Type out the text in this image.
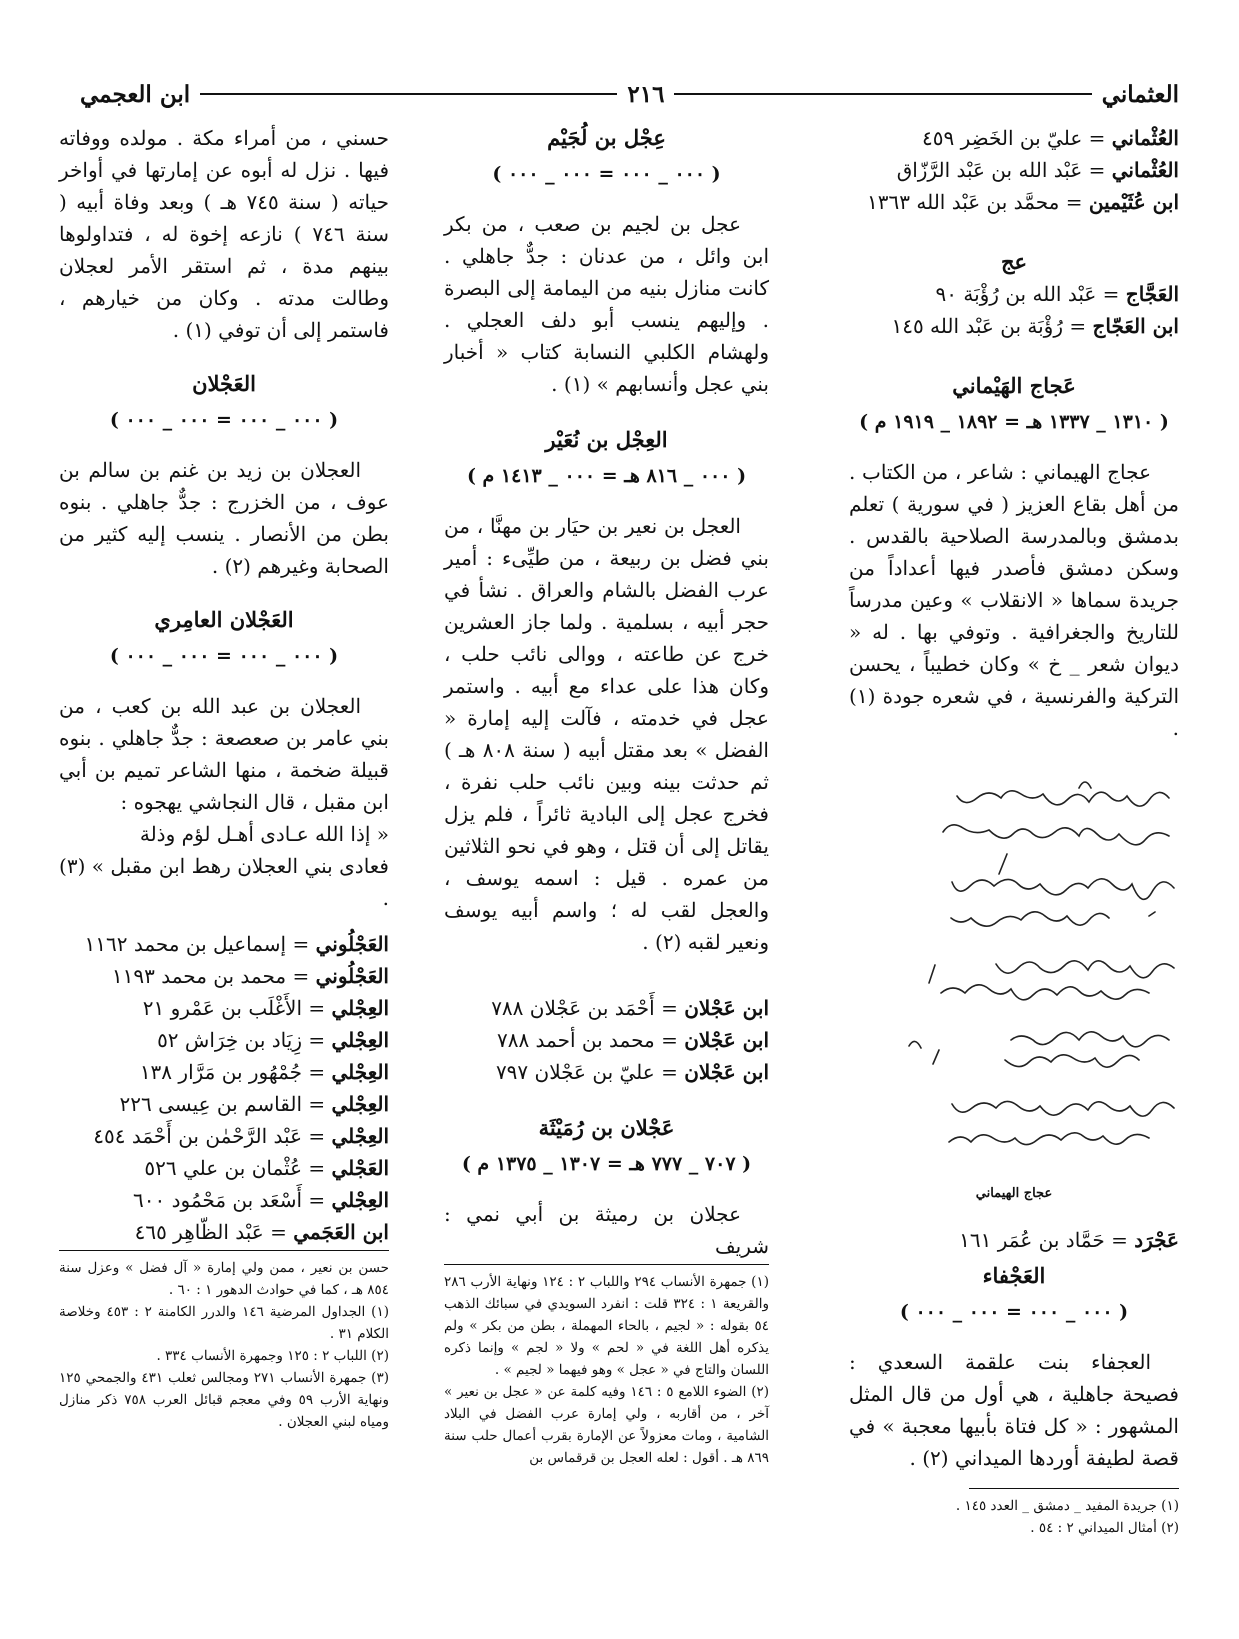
العثماني
٢١٦
ابن العجمي

العُثْماني = عليّ بن الخَضِر ٤٥٩

العُثْماني = عَبْد الله بن عَبْد الرَّزّاق

ابن عُثَيْمين = محمَّد بن عَبْد الله ١٣٦٣

عج

العَجَّاج = عَبْد الله بن رُؤْبَة ٩٠

ابن العَجّاج = رُؤْبَة بن عَبْد الله ١٤٥

عَجاج الهَيْماني
( ١٣١٠ _ ١٣٣٧ هـ = ١٨٩٢ _ ١٩١٩ م )

عجاج الهيماني : شاعر ، من الكتاب . من أهل بقاع العزيز ( في سورية ) تعلم بدمشق وبالمدرسة الصلاحية بالقدس . وسكن دمشق فأصدر فيها أعداداً من جريدة سماها « الانقلاب » وعين مدرساً للتاريخ والجغرافية . وتوفي بها . له « ديوان شعر _ خ » وكان خطيباً ، يحسن التركية والفرنسية ، في شعره جودة (١) .

عجاج الهيماني

عَجْرَد = حَمَّاد بن عُمَر ١٦١

العَجْفاء
( ٠٠٠ _ ٠٠٠ = ٠٠٠ _ ٠٠٠ )

العجفاء بنت علقمة السعدي : فصيحة جاهلية ، هي أول من قال المثل المشهور : « كل فتاة بأبيها معجبة » في قصة لطيفة أوردها الميداني (٢) .

(١) جريدة المفيد _ دمشق _ العدد ١٤٥ .

(٢) أمثال الميداني ٢ : ٥٤ .

عِجْل بن لُجَيْم
( ٠٠٠ _ ٠٠٠ = ٠٠٠ _ ٠٠٠ )

عجل بن لجيم بن صعب ، من بكر ابن وائل ، من عدنان : جدٌّ جاهلي . كانت منازل بنيه من اليمامة إلى البصرة . وإليهم ينسب أبو دلف العجلي . ولهشام الكلبي النسابة كتاب « أخبار بني عجل وأنسابهم » (١) .

العِجْل بن نُعَيْر
( ٠٠٠ _ ٨١٦ هـ = ٠٠٠ _ ١٤١٣ م )

العجل بن نعير بن حيَار بن مهنَّا ، من بني فضل بن ربيعة ، من طيِّىء : أمير عرب الفضل بالشام والعراق . نشأ في حجر أبيه ، بسلمية . ولما جاز العشرين خرج عن طاعته ، ووالى نائب حلب ، وكان هذا على عداء مع أبيه . واستمر عجل في خدمته ، فآلت إليه إمارة « الفضل » بعد مقتل أبيه ( سنة ٨٠٨ هـ ) ثم حدثت بينه وبين نائب حلب نفرة ، فخرج عجل إلى البادية ثائراً ، فلم يزل يقاتل إلى أن قتل ، وهو في نحو الثلاثين من عمره . قيل : اسمه يوسف ، والعجل لقب له ؛ واسم أبيه يوسف ونعير لقبه (٢) .

ابن عَجْلان = أَحْمَد بن عَجْلان ٧٨٨

ابن عَجْلان = محمد بن أحمد ٧٨٨

ابن عَجْلان = عليّ بن عَجْلان ٧٩٧

عَجْلان بن رُمَيْثَة
( ٧٠٧ _ ٧٧٧ هـ = ١٣٠٧ _ ١٣٧٥ م )

عجلان بن رميثة بن أبي نمي : شريف

(١) جمهرة الأنساب ٢٩٤ واللباب ٢ : ١٢٤ ونهاية الأرب ٢٨٦ والقريعة ١ : ٣٢٤ قلت : انفرد السويدي في سبائك الذهب ٥٤ بقوله : « لجيم ، بالحاء المهملة ، بطن من بكر » ولم يذكره أهل اللغة في « لحم » ولا « لجم » وإنما ذكره اللسان والتاج في « عجل » وهو فيهما « لجيم » .

(٢) الضوء اللامع ٥ : ١٤٦ وفيه كلمة عن « عجل بن نعير » آخر ، من أقاربه ، ولي إمارة عرب الفضل في البلاد الشامية ، ومات معزولاً عن الإمارة بقرب أعمال حلب سنة ٨٦٩ هـ . أقول : لعله العجل بن قرقماس بن

حسني ، من أمراء مكة . مولده ووفاته فيها . نزل له أبوه عن إمارتها في أواخر حياته ( سنة ٧٤٥ هـ ) وبعد وفاة أبيه ( سنة ٧٤٦ ) نازعه إخوة له ، فتداولوها بينهم مدة ، ثم استقر الأمر لعجلان وطالت مدته . وكان من خيارهم ، فاستمر إلى أن توفي (١) .

العَجْلان
( ٠٠٠ _ ٠٠٠ = ٠٠٠ _ ٠٠٠ )

العجلان بن زيد بن غنم بن سالم بن عوف ، من الخزرج : جدٌّ جاهلي . بنوه بطن من الأنصار . ينسب إليه كثير من الصحابة وغيرهم (٢) .

العَجْلان العامِري
( ٠٠٠ _ ٠٠٠ = ٠٠٠ _ ٠٠٠ )

العجلان بن عبد الله بن كعب ، من بني عامر بن صعصعة : جدٌّ جاهلي . بنوه قبيلة ضخمة ، منها الشاعر تميم بن أبي ابن مقبل ، قال النجاشي يهجوه :

« إذا الله عـادى أهـل لؤم وذلة

فعادى بني العجلان رهط ابن مقبل » (٣) .

العَجْلُوني = إسماعيل بن محمد ١١٦٢

العَجْلُوني = محمد بن محمد ١١٩٣

العِجْلي = الأَغْلَب بن عَمْرو ٢١

العِجْلي = زِيَاد بن خِرَاش ٥٢

العِجْلي = جُمْهُور بن مَرَّار ١٣٨

العِجْلي = القاسم بن عِيسى ٢٢٦

العِجْلي = عَبْد الرَّحْمٰن بن أَحْمَد ٤٥٤

العَجْلي = عُثْمان بن علي ٥٢٦

العِجْلي = أَسْعَد بن مَحْمُود ٦٠٠

ابن العَجَمي = عَبْد الظّاهِر ٤٦٥

حسن بن نعير ، ممن ولي إمارة « آل فضل » وعزل سنة ٨٥٤ هـ ، كما في حوادث الدهور ١ : ٦٠ .

(١) الجداول المرضية ١٤٦ والدرر الكامنة ٢ : ٤٥٣ وخلاصة الكلام ٣١ .

(٢) اللباب ٢ : ١٢٥ وجمهرة الأنساب ٣٣٤ .

(٣) جمهرة الأنساب ٢٧١ ومجالس ثعلب ٤٣١ والجمحي ١٢٥ ونهاية الأرب ٥٩ وفي معجم قبائل العرب ٧٥٨ ذكر منازل ومياه لبني العجلان .
